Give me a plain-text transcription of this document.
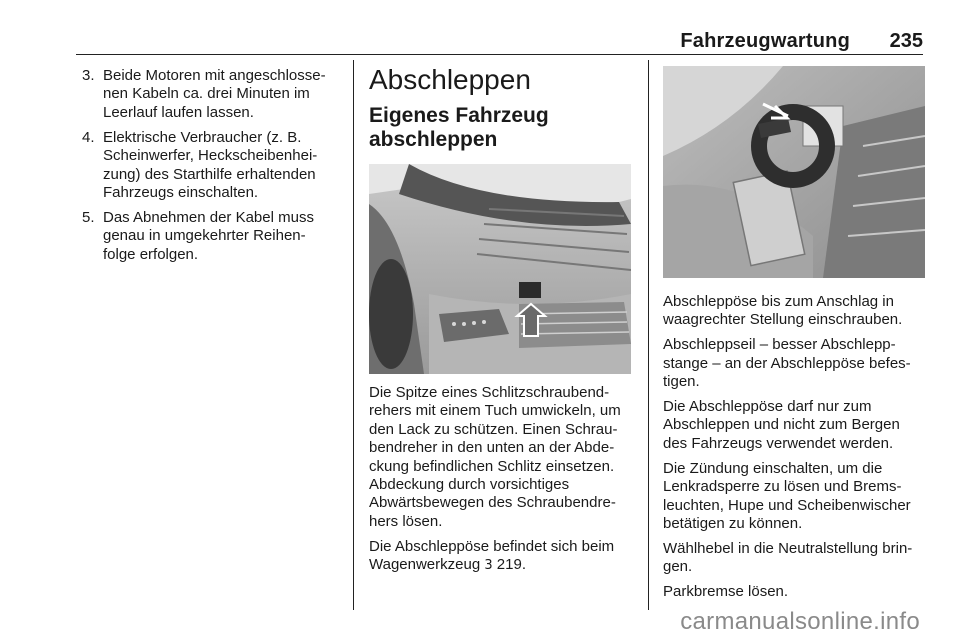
Fahrzeugwartung 235
3. Beide Motoren mit angeschlosse-
nen Kabeln ca. drei Minuten im
Leerlauf laufen lassen.
4. Elektrische Verbraucher (z. B.
Scheinwerfer, Heckscheibenhei-
zung) des Starthilfe erhaltenden
Fahrzeugs einschalten.
5. Das Abnehmen der Kabel muss
genau in umgekehrter Reihen-
folge erfolgen.
Abschleppen
Eigenes Fahrzeug
abschleppen

Die Spitze eines Schlitzschraubend-
rehers mit einem Tuch umwickeln, um
den Lack zu schützen. Einen Schrau-
bendreher in den unten an der Abde-
ckung befindlichen Schlitz einsetzen.
Abdeckung durch vorsichtiges
Abwärtsbewegen des Schraubendre-
hers lösen.

Die Abschleppöse befindet sich beim
Wagenwerkzeug 3 219.

Abschleppöse bis zum Anschlag in
waagrechter Stellung einschrauben.

Abschleppseil – besser Abschlepp-
stange – an der Abschleppöse befes-
tigen.

Die Abschleppöse darf nur zum
Abschleppen und nicht zum Bergen
des Fahrzeugs verwendet werden.

Die Zündung einschalten, um die
Lenkradsperre zu lösen und Brems-
leuchten, Hupe und Scheibenwischer
betätigen zu können.

Wählhebel in die Neutralstellung brin-
gen.

Parkbremse lösen.

carmanualsonline.info
